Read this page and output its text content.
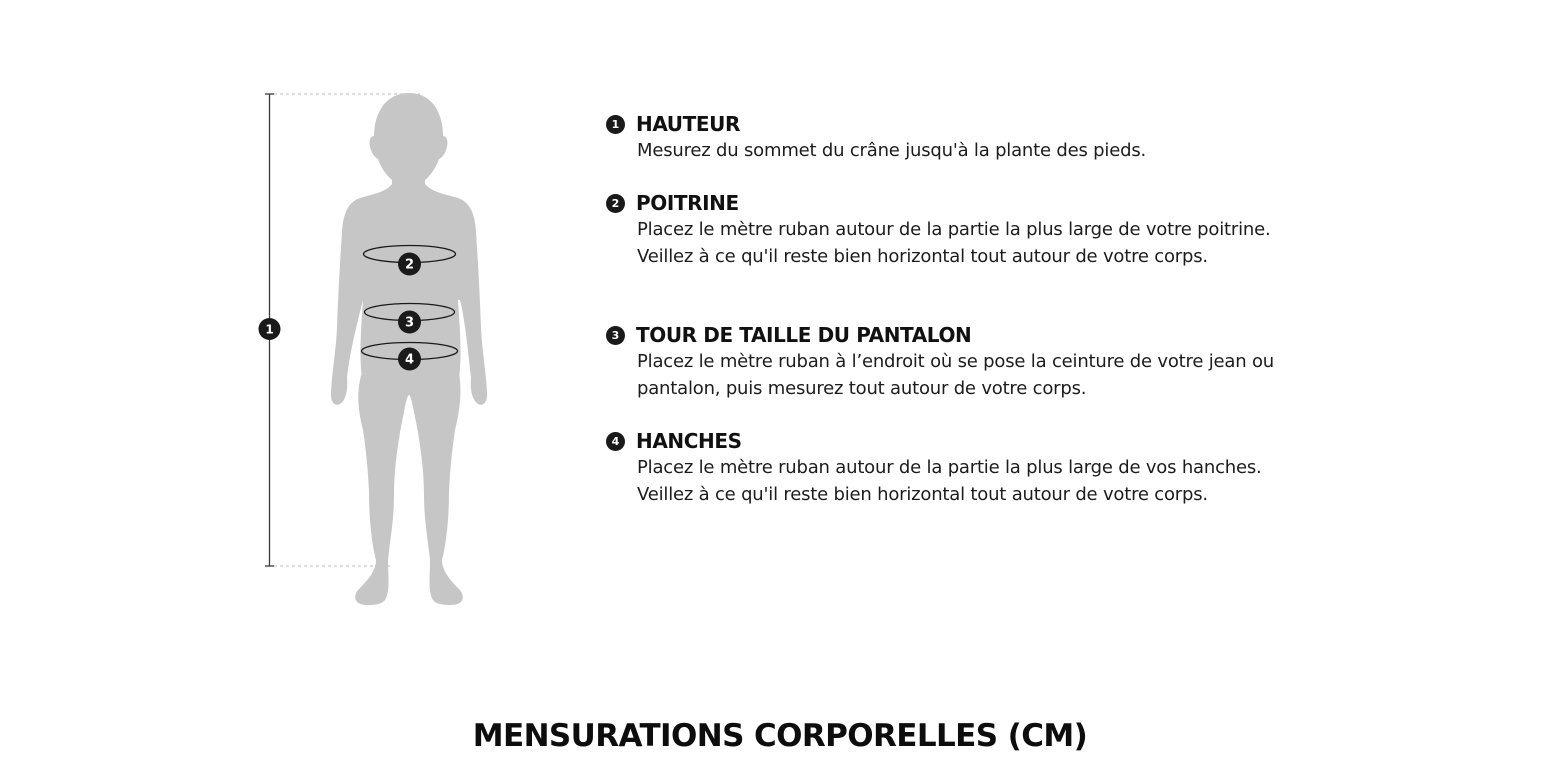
1
2
3
4
1 HAUTEUR
Mesurez du sommet du crâne jusqu'à la plante des pieds.
2 POITRINE
Placez le mètre ruban autour de la partie la plus large de votre poitrine. Veillez à ce qu'il reste bien horizontal tout autour de votre corps.
3 TOUR DE TAILLE DU PANTALON
Placez le mètre ruban à l’endroit où se pose la ceinture de votre jean ou pantalon, puis mesurez tout autour de votre corps.
4 HANCHES
Placez le mètre ruban autour de la partie la plus large de vos hanches. Veillez à ce qu'il reste bien horizontal tout autour de votre corps.
MENSURATIONS CORPORELLES (CM)
